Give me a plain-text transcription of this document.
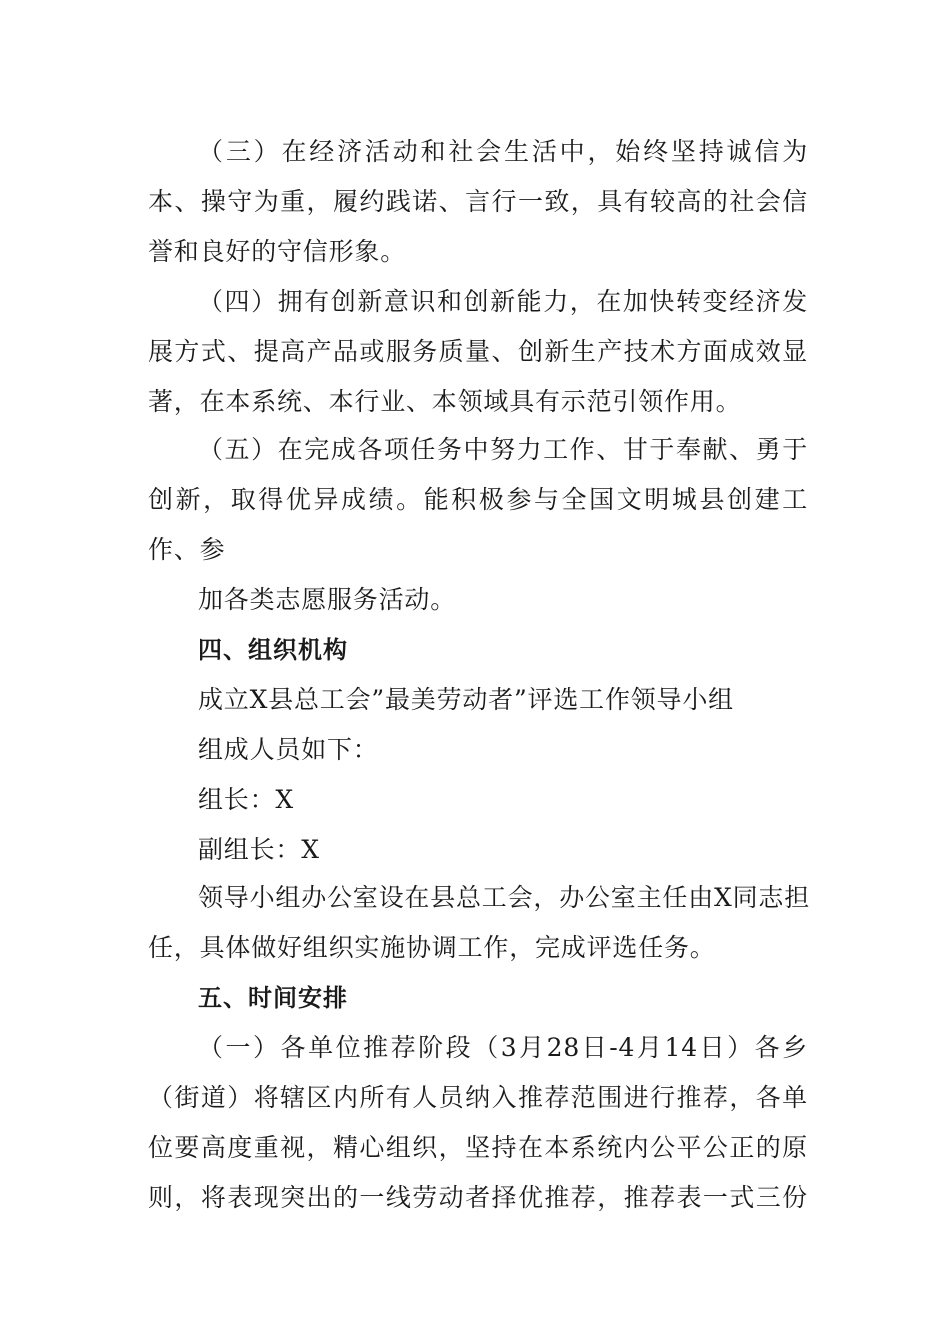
（三）在经济活动和社会生活中，始终坚持诚信为
本、操守为重，履约践诺、言行一致，具有较高的社会信
誉和良好的守信形象。
（四）拥有创新意识和创新能力，在加快转变经济发
展方式、提高产品或服务质量、创新生产技术方面成效显
著，在本系统、本行业、本领域具有示范引领作用。
（五）在完成各项任务中努力工作、甘于奉献、勇于
创新，取得优异成绩。能积极参与全国文明城县创建工
作、参
加各类志愿服务活动。
四、组织机构
成立X县总工会”最美劳动者”评选工作领导小组
组成人员如下：
组长：X
副组长：X
领导小组办公室设在县总工会，办公室主任由X同志担
任，具体做好组织实施协调工作，完成评选任务。
五、时间安排
（一）各单位推荐阶段（3月28日-4月14日）各乡
（街道）将辖区内所有人员纳入推荐范围进行推荐，各单
位要高度重视，精心组织，坚持在本系统内公平公正的原
则，将表现突出的一线劳动者择优推荐，推荐表一式三份
